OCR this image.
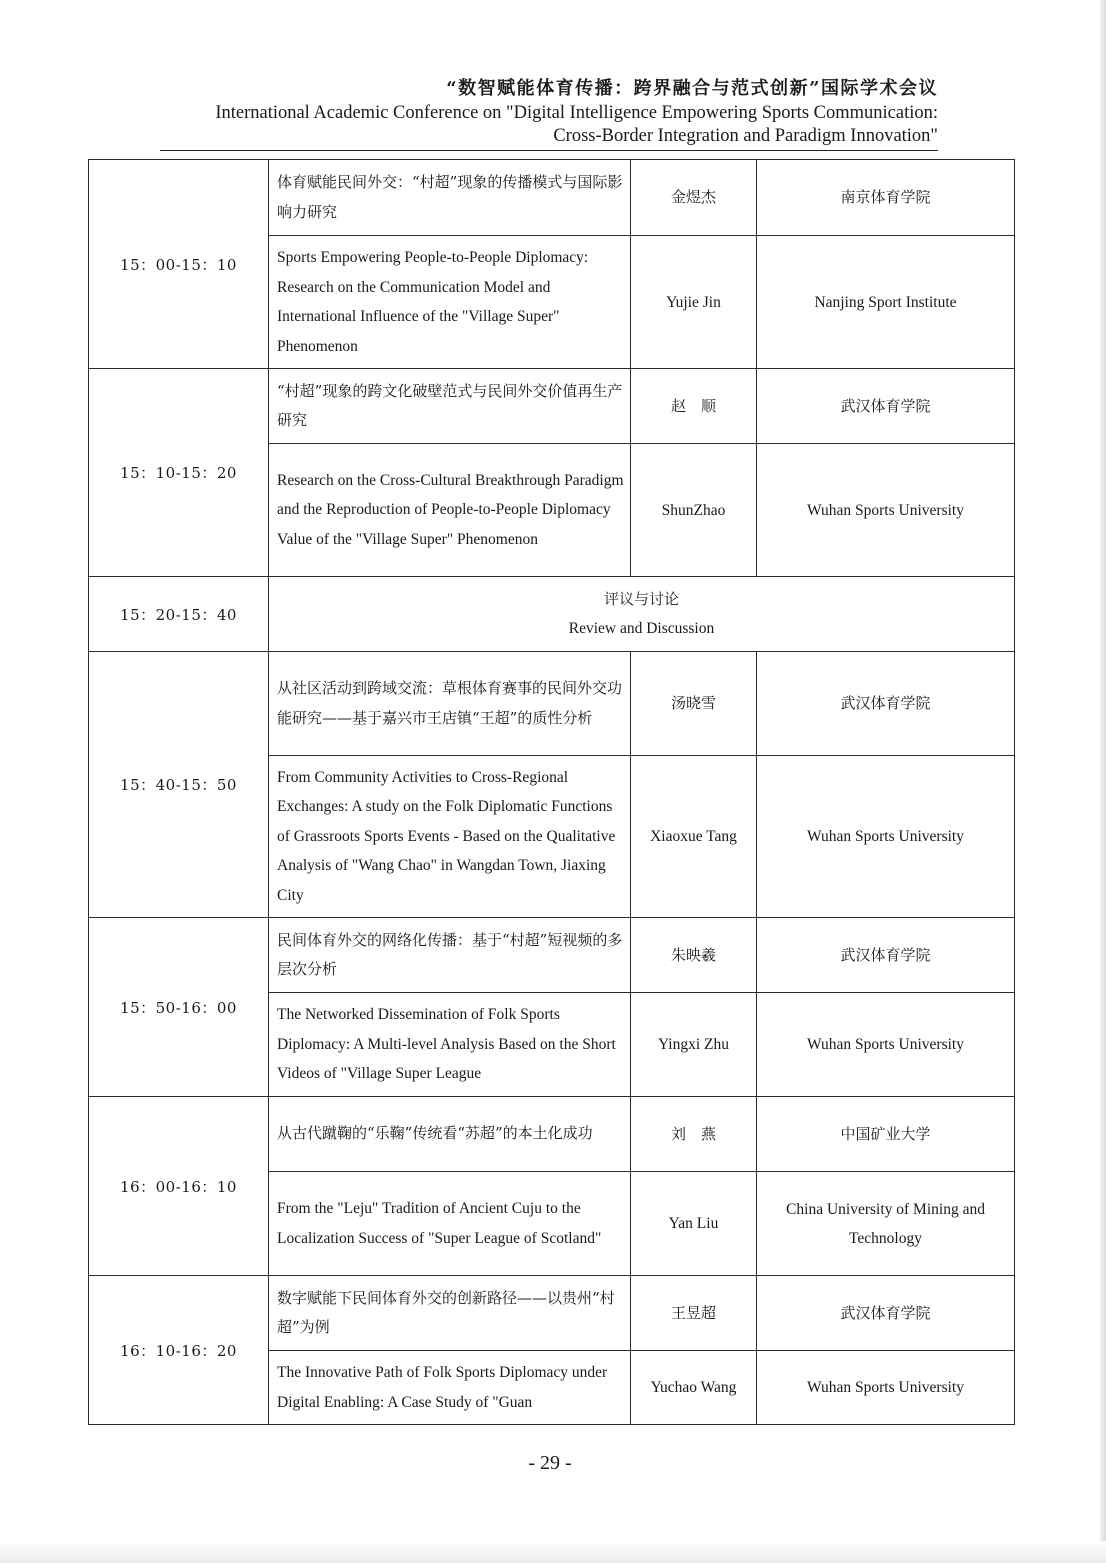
“数智赋能体育传播：跨界融合与范式创新”国际学术会议
International Academic Conference on "Digital Intelligence Empowering Sports Communication:
Cross-Border Integration and Paradigm Innovation"
15：00-15：10	体育赋能民间外交：“村超”现象的传播模式与国际影响力研究	金煜杰	南京体育学院
	Sports Empowering People-to-People Diplomacy: Research on the Communication Model and International Influence of the "Village Super" Phenomenon	Yujie Jin	Nanjing Sport Institute
15：10-15：20	“村超”现象的跨文化破壁范式与民间外交价值再生产研究	赵　顺	武汉体育学院
	Research on the Cross-Cultural Breakthrough Paradigm and the Reproduction of People-to-People Diplomacy Value of the "Village Super" Phenomenon	ShunZhao	Wuhan Sports University
15：20-15：40	评议与讨论
Review and Discussion		

15：40-15：50	从社区活动到跨域交流：草根体育赛事的民间外交功能研究——基于嘉兴市王店镇“王超”的质性分析	汤晓雪	武汉体育学院
	From Community Activities to Cross-Regional Exchanges: A study on the Folk Diplomatic Functions of Grassroots Sports Events - Based on the Qualitative Analysis of "Wang Chao" in Wangdan Town, Jiaxing City	Xiaoxue Tang	Wuhan Sports University
15：50-16：00	民间体育外交的网络化传播：基于“村超”短视频的多层次分析	朱映羲	武汉体育学院
	The Networked Dissemination of Folk Sports Diplomacy: A Multi-level Analysis Based on the Short Videos of "Village Super League	Yingxi Zhu	Wuhan Sports University
16：00-16：10	从古代蹴鞠的“乐鞠”传统看“苏超”的本土化成功	刘　燕	中国矿业大学
	From the "Leju" Tradition of Ancient Cuju to the Localization Success of "Super League of Scotland"	Yan Liu	China University of Mining and Technology
16：10-16：20	数字赋能下民间体育外交的创新路径——以贵州“村超”为例	王昱超	武汉体育学院
	The Innovative Path of Folk Sports Diplomacy under Digital Enabling: A Case Study of "Guan	Yuchao Wang	Wuhan Sports University
- 29 -
